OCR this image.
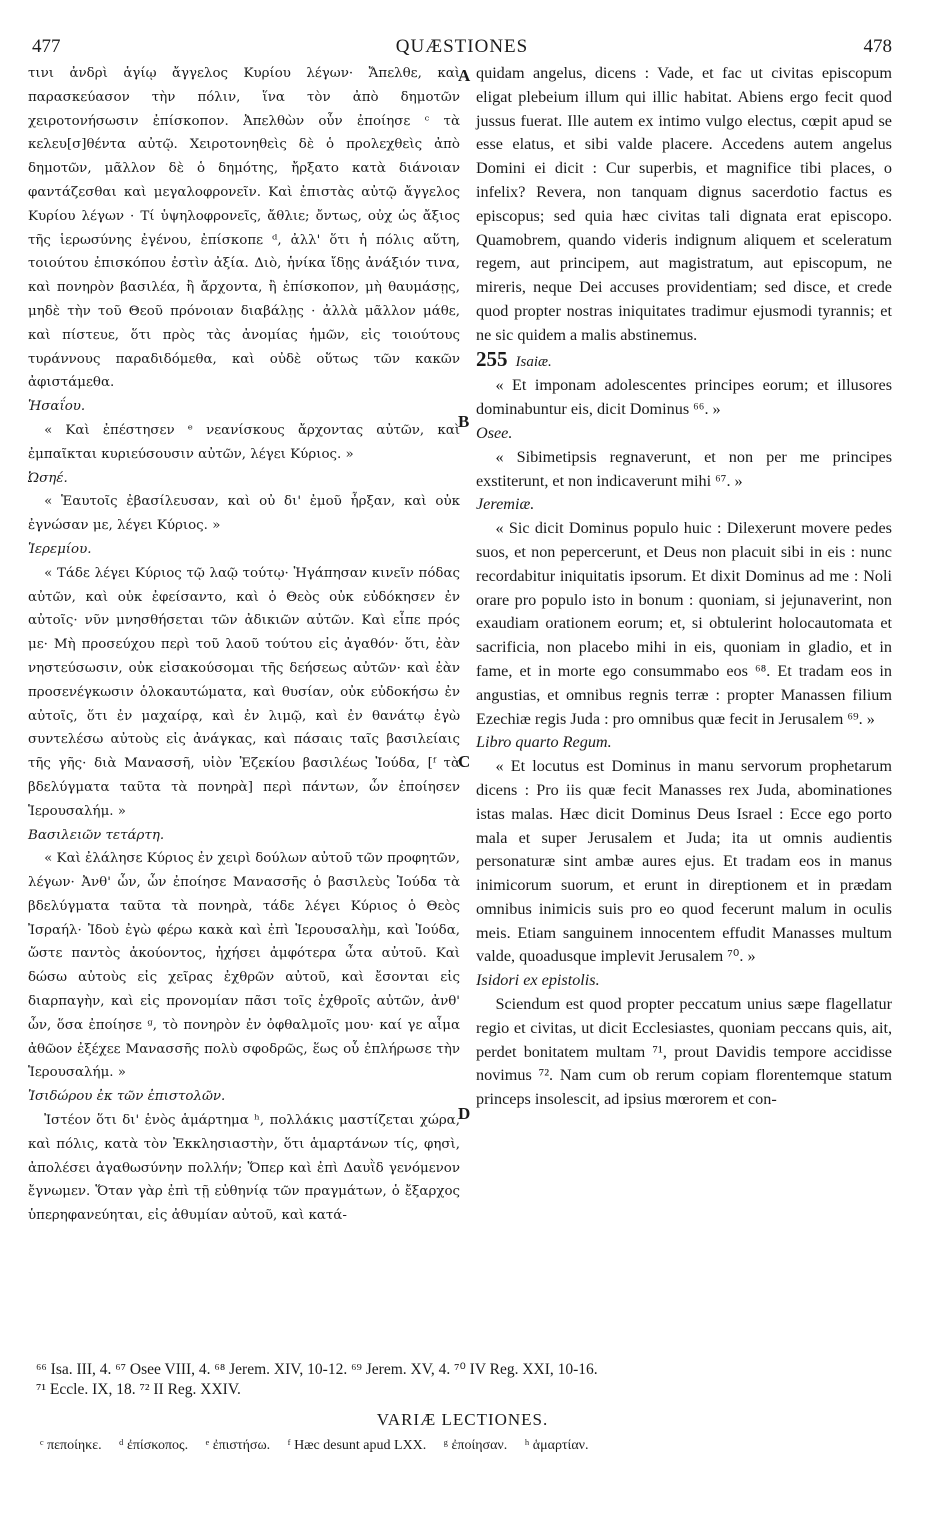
477	QUÆSTIONES	478

τινι ἀνδρὶ ἁγίῳ ἄγγελος Κυρίου λέγων· Ἄπελθε, καὶ παρασκεύασον τὴν πόλιν, ἵνα τὸν ἀπὸ δημοτῶν χειροτονήσωσιν ἐπίσκοπον. Ἀπελθὼν οὖν ἐποίησε ᶜ τὰ κελευ[σ]θέντα αὐτῷ. Χειροτονηθεὶς δὲ ὁ προλεχθεὶς ἀπὸ δημοτῶν, μᾶλλον δὲ ὁ δημότης, ἤρξατο κατὰ διάνοιαν φαντάζεσθαι καὶ μεγαλοφρονεῖν. Καὶ ἐπιστὰς αὐτῷ ἄγγελος Κυρίου λέγων · Τί ὑψηλοφρονεῖς, ἄθλιε; ὄντως, οὐχ ὡς ἄξιος τῆς ἱερωσύνης ἐγένου, ἐπίσκοπε ᵈ, ἀλλ' ὅτι ἡ πόλις αὕτη, τοιούτου ἐπισκόπου ἐστὶν ἀξία. Διὸ, ἡνίκα ἴδῃς ἀνάξιόν τινα, καὶ πονηρὸν βασιλέα, ἢ ἄρχοντα, ἢ ἐπίσκοπον, μὴ θαυμάσῃς, μηδὲ τὴν τοῦ Θεοῦ πρόνοιαν διαβάλῃς · ἀλλὰ μᾶλλον μάθε, καὶ πίστευε, ὅτι πρὸς τὰς ἀνομίας ἡμῶν, εἰς τοιούτους τυράννους παραδιδόμεθα, καὶ οὐδὲ οὕτως τῶν κακῶν ἀφιστάμεθα.

Ἡσαΐου.

« Καὶ ἐπέστησεν ᵉ νεανίσκους ἄρχοντας αὐτῶν, καὶ ἐμπαῖκται κυριεύσουσιν αὐτῶν, λέγει Κύριος. »

Ὠσηέ.

« Ἑαυτοῖς ἐβασίλευσαν, καὶ οὐ δι' ἐμοῦ ἦρξαν, καὶ οὐκ ἐγνώσαν με, λέγει Κύριος. »

Ἱερεμίου.

« Τάδε λέγει Κύριος τῷ λαῷ τούτῳ· Ἠγάπησαν κινεῖν πόδας αὐτῶν, καὶ οὐκ ἐφείσαντο, καὶ ὁ Θεὸς οὐκ εὐδόκησεν ἐν αὐτοῖς· νῦν μνησθήσεται τῶν ἀδικιῶν αὐτῶν. Καὶ εἶπε πρός με· Μὴ προσεύχου περὶ τοῦ λαοῦ τούτου εἰς ἀγαθόν· ὅτι, ἐὰν νηστεύσωσιν, οὐκ εἰσακούσομαι τῆς δεήσεως αὐτῶν· καὶ ἐὰν προσενέγκωσιν ὁλοκαυτώματα, καὶ θυσίαν, οὐκ εὐδοκήσω ἐν αὐτοῖς, ὅτι ἐν μαχαίρᾳ, καὶ ἐν λιμῷ, καὶ ἐν θανάτῳ ἐγὼ συντελέσω αὐτοὺς εἰς ἀνάγκας, καὶ πάσαις ταῖς βασιλείαις τῆς γῆς· διὰ Μανασσῆ, υἱὸν Ἐζεκίου βασιλέως Ἰούδα, [ᶠ τὰ βδελύγματα ταῦτα τὰ πονηρὰ] περὶ πάντων, ὧν ἐποίησεν Ἱερουσαλήμ. »

Βασιλειῶν τετάρτη.

« Καὶ ἐλάλησε Κύριος ἐν χειρὶ δούλων αὐτοῦ τῶν προφητῶν, λέγων· Ἀνθ' ὧν, ὧν ἐποίησε Μανασσῆς ὁ βασιλεὺς Ἰούδα τὰ βδελύγματα ταῦτα τὰ πονηρὰ, τάδε λέγει Κύριος ὁ Θεὸς Ἰσραήλ· Ἰδοὺ ἐγὼ φέρω κακὰ καὶ ἐπὶ Ἱερουσαλὴμ, καὶ Ἰούδα, ὥστε παντὸς ἀκούοντος, ἠχήσει ἀμφότερα ὦτα αὐτοῦ. Καὶ δώσω αὐτοὺς εἰς χεῖρας ἐχθρῶν αὐτοῦ, καὶ ἔσονται εἰς διαρπαγὴν, καὶ εἰς προνομίαν πᾶσι τοῖς ἐχθροῖς αὐτῶν, ἀνθ' ὧν, ὅσα ἐποίησε ᵍ, τὸ πονηρὸν ἐν ὀφθαλμοῖς μου· καί γε αἷμα ἀθῶον ἐξέχεε Μανασσῆς πολὺ σφοδρῶς, ἕως οὗ ἐπλήρωσε τὴν Ἱερουσαλήμ. »

Ἰσιδώρου ἐκ τῶν ἐπιστολῶν.

Ἰστέον ὅτι δι' ἑνὸς ἁμάρτημα ʰ, πολλάκις μαστίζεται χώρα, καὶ πόλις, κατὰ τὸν Ἐκκλησιαστὴν, ὅτι ἁμαρτάνων τίς, φησὶ, ἀπολέσει ἀγαθωσύνην πολλήν; Ὅπερ καὶ ἐπὶ Δαυῒδ γενόμενον ἔγνωμεν. Ὅταν γὰρ ἐπὶ τῇ εὐθηνίᾳ τῶν πραγμάτων, ὁ ἔξαρχος ὑπερηφανεύηται, εἰς ἀθυμίαν αὐτοῦ, καὶ κατά-

quidam angelus, dicens : Vade, et fac ut civitas episcopum eligat plebeium illum qui illic habitat. Abiens ergo fecit quod jussus fuerat. Ille autem ex intimo vulgo electus, cœpit apud se esse elatus, et sibi valde placere. Accedens autem angelus Domini ei dicit : Cur superbis, et magnifice tibi places, o infelix? Revera, non tanquam dignus sacerdotio factus es episcopus; sed quia hæc civitas tali dignata erat episcopo. Quamobrem, quando videris indignum aliquem et sceleratum regem, aut principem, aut magistratum, aut episcopum, ne mireris, neque Dei accuses providentiam; sed disce, et crede quod propter nostras iniquitates tradimur ejusmodi tyrannis; et ne sic quidem a malis abstinemus.

255 Isaiæ.

« Et imponam adolescentes principes eorum; et illusores dominabuntur eis, dicit Dominus ⁶⁶. »

Osee.

« Sibimetipsis regnaverunt, et non per me principes exstiterunt, et non indicaverunt mihi ⁶⁷. »

Jeremiæ.

« Sic dicit Dominus populo huic : Dilexerunt movere pedes suos, et non pepercerunt, et Deus non placuit sibi in eis : nunc recordabitur iniquitatis ipsorum. Et dixit Dominus ad me : Noli orare pro populo isto in bonum : quoniam, si jejunaverint, non exaudiam orationem eorum; et, si obtulerint holocautomata et sacrificia, non placebo mihi in eis, quoniam in gladio, et in fame, et in morte ego consummabo eos ⁶⁸. Et tradam eos in angustias, et omnibus regnis terræ : propter Manassen filium Ezechiæ regis Juda : pro omnibus quæ fecit in Jerusalem ⁶⁹. »

Libro quarto Regum.

« Et locutus est Dominus in manu servorum prophetarum dicens : Pro iis quæ fecit Manasses rex Juda, abominationes istas malas. Hæc dicit Dominus Deus Israel : Ecce ego porto mala et super Jerusalem et Juda; ita ut omnis audientis personaturæ sint ambæ aures ejus. Et tradam eos in manus inimicorum suorum, et erunt in direptionem et in prædam omnibus inimicis suis pro eo quod fecerunt malum in oculis meis. Etiam sanguinem innocentem effudit Manasses multum valde, quoadusque implevit Jerusalem ⁷⁰. »

Isidori ex epistolis.

Sciendum est quod propter peccatum unius sæpe flagellatur regio et civitas, ut dicit Ecclesiastes, quoniam peccans quis, ait, perdet bonitatem multam ⁷¹, prout Davidis tempore accidisse novimus ⁷². Nam cum ob rerum copiam florentemque statum princeps insolescit, ad ipsius mœrorem et con-

A
B
C
D
⁶⁶ Isa. III, 4. ⁶⁷ Osee VIII, 4. ⁶⁸ Jerem. XIV, 10-12. ⁶⁹ Jerem. XV, 4. ⁷⁰ IV Reg. XXI, 10-16.
⁷¹ Eccle. IX, 18. ⁷² II Reg. XXIV.
VARIÆ LECTIONES.
ᶜ πεποίηκε. ᵈ ἐπίσκοπος. ᵉ ἐπιστήσω. ᶠ Hæc desunt apud LXX. ᵍ ἐποίησαν. ʰ ἁμαρτίαν.
